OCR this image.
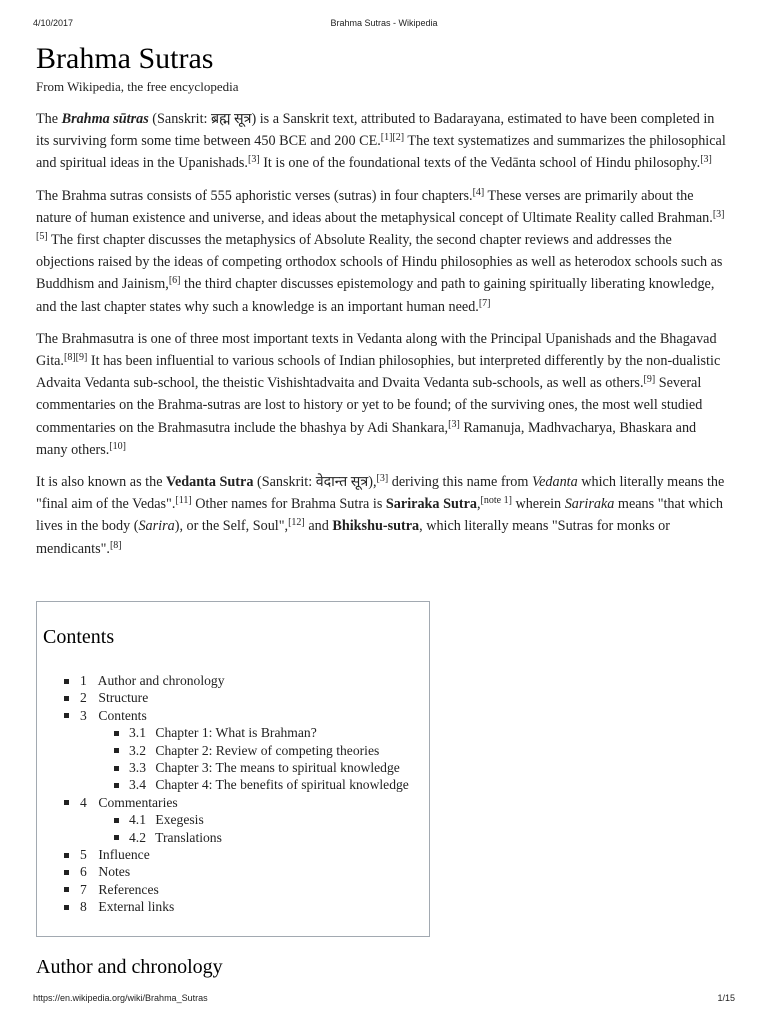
4/10/2017	Brahma Sutras - Wikipedia
Brahma Sutras
From Wikipedia, the free encyclopedia

The Brahma sūtras (Sanskrit: ब्रह्म सूत्र) is a Sanskrit text, attributed to Badarayana, estimated to have been completed in its surviving form some time between 450 BCE and 200 CE.[1][2] The text systematizes and summarizes the philosophical and spiritual ideas in the Upanishads.[3] It is one of the foundational texts of the Vedānta school of Hindu philosophy.[3]

The Brahma sutras consists of 555 aphoristic verses (sutras) in four chapters.[4] These verses are primarily about the nature of human existence and universe, and ideas about the metaphysical concept of Ultimate Reality called Brahman.[3][5] The first chapter discusses the metaphysics of Absolute Reality, the second chapter reviews and addresses the objections raised by the ideas of competing orthodox schools of Hindu philosophies as well as heterodox schools such as Buddhism and Jainism,[6] the third chapter discusses epistemology and path to gaining spiritually liberating knowledge, and the last chapter states why such a knowledge is an important human need.[7]

The Brahmasutra is one of three most important texts in Vedanta along with the Principal Upanishads and the Bhagavad Gita.[8][9] It has been influential to various schools of Indian philosophies, but interpreted differently by the non-dualistic Advaita Vedanta sub-school, the theistic Vishishtadvaita and Dvaita Vedanta sub-schools, as well as others.[9] Several commentaries on the Brahma-sutras are lost to history or yet to be found; of the surviving ones, the most well studied commentaries on the Brahmasutra include the bhashya by Adi Shankara,[3] Ramanuja, Madhvacharya, Bhaskara and many others.[10]

It is also known as the Vedanta Sutra (Sanskrit: वेदान्त सूत्र),[3] deriving this name from Vedanta which literally means the "final aim of the Vedas".[11] Other names for Brahma Sutra is Sariraka Sutra,[note 1] wherein Sariraka means "that which lives in the body (Sarira), or the Self, Soul",[12] and Bhikshu-sutra, which literally means "Sutras for monks or mendicants".[8]

Contents
1 Author and chronology
2 Structure
3 Contents
3.1 Chapter 1: What is Brahman?
3.2 Chapter 2: Review of competing theories
3.3 Chapter 3: The means to spiritual knowledge
3.4 Chapter 4: The benefits of spiritual knowledge
4 Commentaries
4.1 Exegesis
4.2 Translations
5 Influence
6 Notes
7 References
8 External links
Author and chronology
https://en.wikipedia.org/wiki/Brahma_Sutras	1/15
